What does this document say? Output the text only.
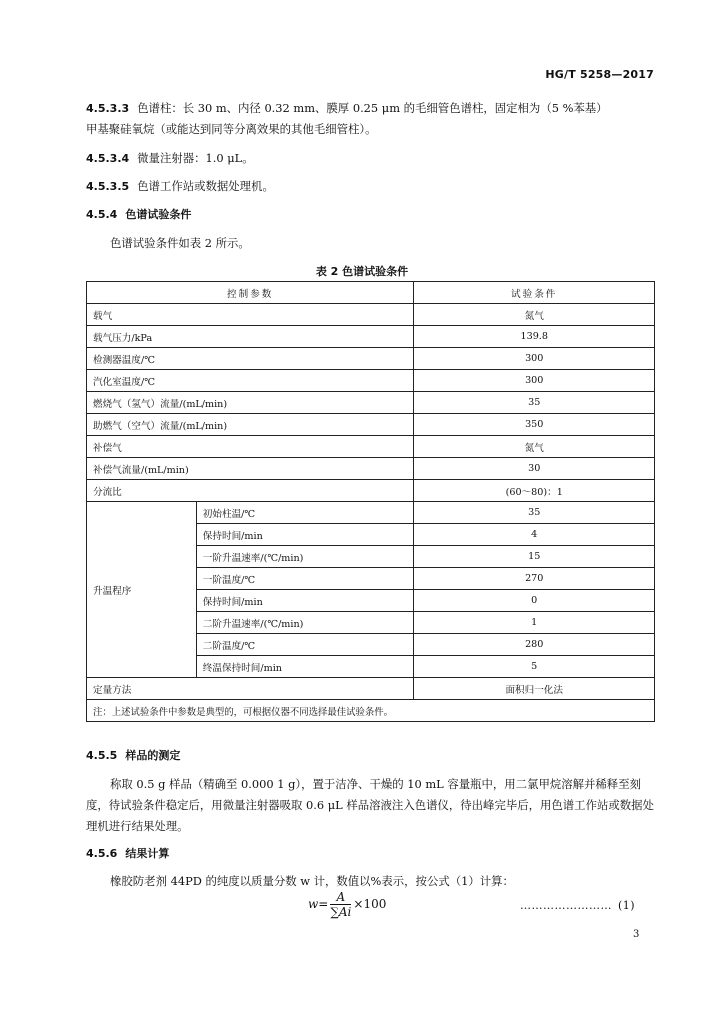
HG/T 5258—2017
4.5.3.3 色谱柱：长 30 m、内径 0.32 mm、膜厚 0.25 μm 的毛细管色谱柱，固定相为（5 %苯基）
甲基聚硅氧烷（或能达到同等分离效果的其他毛细管柱）。
4.5.3.4 微量注射器：1.0 μL。
4.5.3.5 色谱工作站或数据处理机。
4.5.4 色谱试验条件
色谱试验条件如表 2 所示。
表 2 色谱试验条件
控制参数		试验条件
载气		氮气
载气压力/kPa		139.8
检测器温度/℃		300
汽化室温度/℃		300
燃烧气（氢气）流量/(mL/min)		35
助燃气（空气）流量/(mL/min)		350
补偿气		氮气
补偿气流量/(mL/min)		30
分流比		(60～80)：1
升温程序	初始柱温/℃	35
	保持时间/min	4
	一阶升温速率/(℃/min)	15
	一阶温度/℃	270
	保持时间/min	0
	二阶升温速率/(℃/min)	1
	二阶温度/℃	280
	终温保持时间/min	5
定量方法		面积归一化法
注：上述试验条件中参数是典型的，可根据仪器不同选择最佳试验条件。		
4.5.5 样品的测定
称取 0.5 g 样品（精确至 0.000 1 g），置于洁净、干燥的 10 mL 容量瓶中，用二氯甲烷溶解并稀释至刻度，待试验条件稳定后，用微量注射器吸取 0.6 μL 样品溶液注入色谱仪，待出峰完毕后，用色谱工作站或数据处理机进行结果处理。
4.5.6 结果计算
橡胶防老剂 44PD 的纯度以质量分数 w 计，数值以%表示，按公式（1）计算：
$w= \frac{A}{\sum Ai} \times 100$	…………………… (1)
3
